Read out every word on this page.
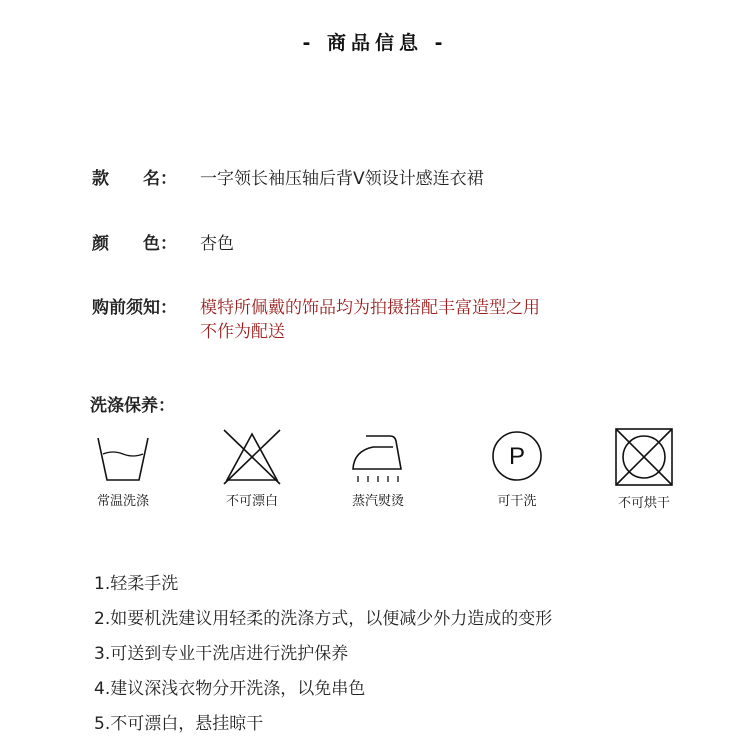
- 商品信息 -
款　　名： 一字领长袖压轴后背V领设计感连衣裙
颜　　色： 杏色
购前须知： 模特所佩戴的饰品均为拍摄搭配丰富造型之用
不作为配送
洗涤保养：
常温洗涤	不可漂白	蒸汽熨烫
P
可干洗	不可烘干
1.轻柔手洗
2.如要机洗建议用轻柔的洗涤方式，以便减少外力造成的变形
3.可送到专业干洗店进行洗护保养
4.建议深浅衣物分开洗涤，以免串色
5.不可漂白，悬挂晾干
